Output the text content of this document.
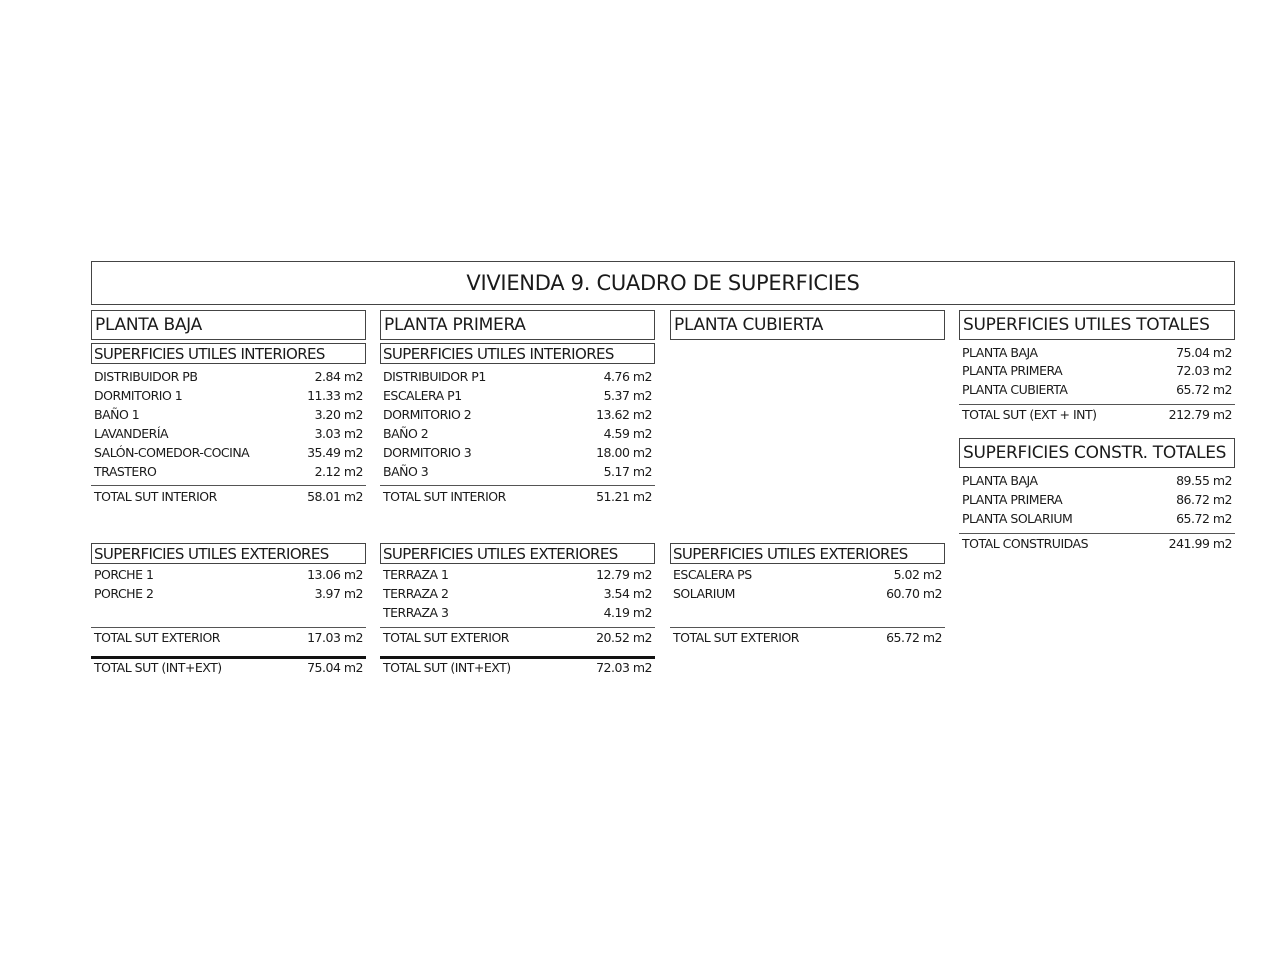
VIVIENDA 9. CUADRO DE SUPERFICIES
PLANTA BAJA
SUPERFICIES UTILES INTERIORES
DISTRIBUIDOR PB	2.84 m2
DORMITORIO 1	11.33 m2
BAÑO 1	3.20 m2
LAVANDERÍA	3.03 m2
SALÓN-COMEDOR-COCINA	35.49 m2
TRASTERO	2.12 m2
TOTAL SUT INTERIOR	58.01 m2
SUPERFICIES UTILES EXTERIORES
PORCHE 1	13.06 m2
PORCHE 2	3.97 m2
TOTAL SUT EXTERIOR	17.03 m2
TOTAL SUT (INT+EXT)	75.04 m2
PLANTA PRIMERA
SUPERFICIES UTILES INTERIORES
DISTRIBUIDOR P1	4.76 m2
ESCALERA P1	5.37 m2
DORMITORIO 2	13.62 m2
BAÑO 2	4.59 m2
DORMITORIO 3	18.00 m2
BAÑO 3	5.17 m2
TOTAL SUT INTERIOR	51.21 m2
SUPERFICIES UTILES EXTERIORES
TERRAZA 1	12.79 m2
TERRAZA 2	3.54 m2
TERRAZA 3	4.19 m2
TOTAL SUT EXTERIOR	20.52 m2
TOTAL SUT (INT+EXT)	72.03 m2
PLANTA CUBIERTA
SUPERFICIES UTILES EXTERIORES
ESCALERA PS	5.02 m2
SOLARIUM	60.70 m2
TOTAL SUT EXTERIOR	65.72 m2
SUPERFICIES UTILES TOTALES
PLANTA BAJA	75.04 m2
PLANTA PRIMERA	72.03 m2
PLANTA CUBIERTA	65.72 m2
TOTAL SUT (EXT + INT)	212.79 m2
SUPERFICIES CONSTR. TOTALES
PLANTA BAJA	89.55 m2
PLANTA PRIMERA	86.72 m2
PLANTA SOLARIUM	65.72 m2
TOTAL CONSTRUIDAS	241.99 m2
